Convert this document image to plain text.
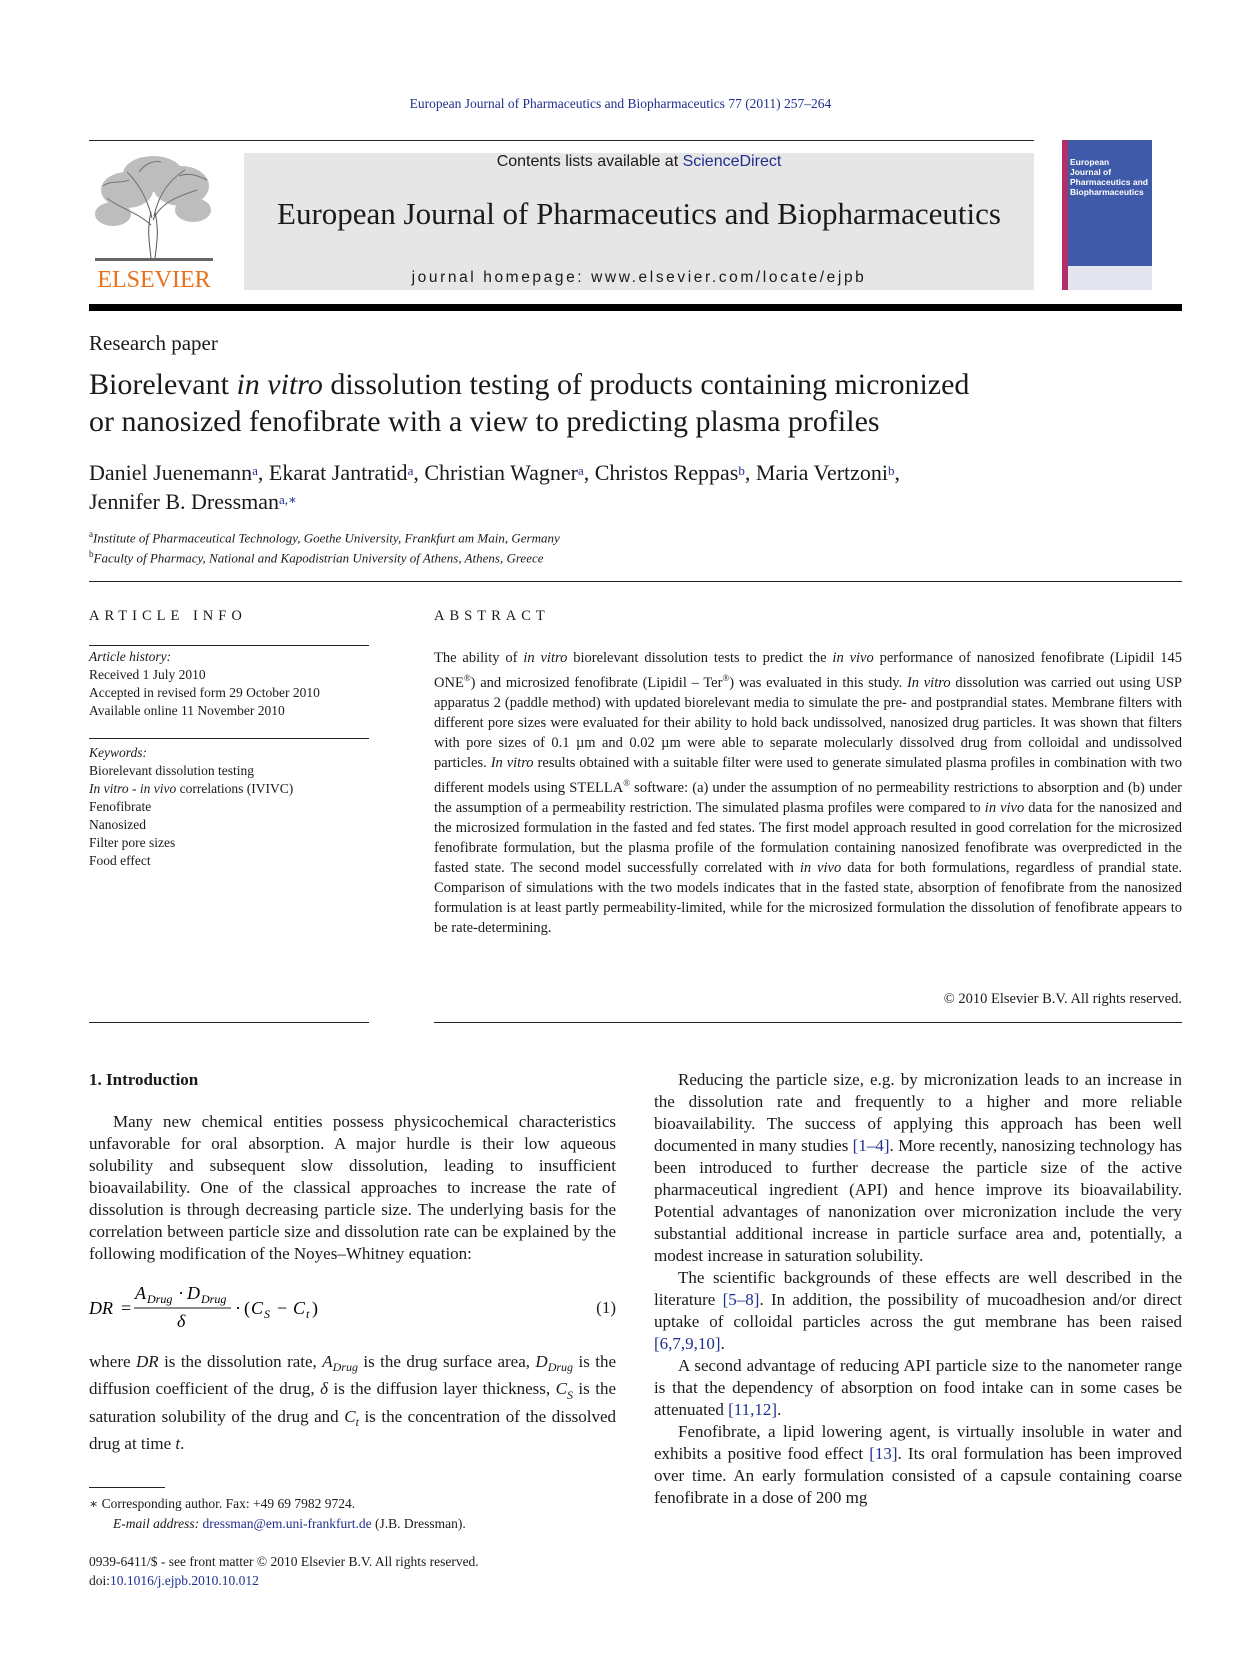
European Journal of Pharmaceutics and Biopharmaceutics 77 (2011) 257–264
ELSEVIER
Contents lists available at ScienceDirect
European Journal of Pharmaceutics and Biopharmaceutics
journal homepage: www.elsevier.com/locate/ejpb
European
Journal of
Pharmaceutics and
Biopharmaceutics
Research paper
Biorelevant in vitro dissolution testing of products containing micronized
or nanosized fenofibrate with a view to predicting plasma profiles
Daniel Juenemann$^a$, Ekarat Jantratid$^a$, Christian Wagner$^a$, Christos Reppas$^b$, Maria Vertzoni$^b$,
Jennifer B. Dressman$^{a,∗}$
$^a$Institute of Pharmaceutical Technology, Goethe University, Frankfurt am Main, Germany
$^b$Faculty of Pharmacy, National and Kapodistrian University of Athens, Athens, Greece
ARTICLE INFO	ABSTRACT
Article history:
Received 1 July 2010
Accepted in revised form 29 October 2010
Available online 11 November 2010
Keywords:
Biorelevant dissolution testing
In vitro - in vivo correlations (IVIVC)
Fenofibrate
Nanosized
Filter pore sizes
Food effect
The ability of in vitro biorelevant dissolution tests to predict the in vivo performance of nanosized fenofibrate (Lipidil 145 ONE®) and microsized fenofibrate (Lipidil – Ter®) was evaluated in this study. In vitro dissolution was carried out using USP apparatus 2 (paddle method) with updated biorelevant media to simulate the pre- and postprandial states. Membrane filters with different pore sizes were evaluated for their ability to hold back undissolved, nanosized drug particles. It was shown that filters with pore sizes of 0.1 µm and 0.02 µm were able to separate molecularly dissolved drug from colloidal and undissolved particles. In vitro results obtained with a suitable filter were used to generate simulated plasma profiles in combination with two different models using STELLA® software: (a) under the assumption of no permeability restrictions to absorption and (b) under the assumption of a permeability restriction. The simulated plasma profiles were compared to in vivo data for the nanosized and the microsized formulation in the fasted and fed states. The first model approach resulted in good correlation for the microsized fenofibrate formulation, but the plasma profile of the formulation containing nanosized fenofibrate was overpredicted in the fasted state. The second model successfully correlated with in vivo data for both formulations, regardless of prandial state. Comparison of simulations with the two models indicates that in the fasted state, absorption of fenofibrate from the nanosized formulation is at least partly permeability-limited, while for the microsized formulation the dissolution of fenofibrate appears to be rate-determining.
© 2010 Elsevier B.V. All rights reserved.
1. Introduction

Many new chemical entities possess physicochemical characteristics unfavorable for oral absorption. A major hurdle is their low aqueous solubility and subsequent slow dissolution, leading to insufficient bioavailability. One of the classical approaches to increase the rate of dissolution is through decreasing particle size. The underlying basis for the correlation between particle size and dissolution rate can be explained by the following modification of the Noyes–Whitney equation:

DR =
A Drug · D Drug
δ
· ( C S − C t )	(1)

where DR is the dissolution rate, $A_{Drug}$ is the drug surface area, $D_{Drug}$ is the diffusion coefficient of the drug, δ is the diffusion layer thickness, $C_S$ is the saturation solubility of the drug and $C_t$ is the concentration of the dissolved drug at time t.

Reducing the particle size, e.g. by micronization leads to an increase in the dissolution rate and frequently to a higher and more reliable bioavailability. The success of applying this approach has been well documented in many studies [1–4]. More recently, nanosizing technology has been introduced to further decrease the particle size of the active pharmaceutical ingredient (API) and hence improve its bioavailability. Potential advantages of nanonization over micronization include the very substantial additional increase in particle surface area and, potentially, a modest increase in saturation solubility.

The scientific backgrounds of these effects are well described in the literature [5–8]. In addition, the possibility of mucoadhesion and/or direct uptake of colloidal particles across the gut membrane has been raised [6,7,9,10].

A second advantage of reducing API particle size to the nanometer range is that the dependency of absorption on food intake can in some cases be attenuated [11,12].

Fenofibrate, a lipid lowering agent, is virtually insoluble in water and exhibits a positive food effect [13]. Its oral formulation has been improved over time. An early formulation consisted of a capsule containing coarse fenofibrate in a dose of 200 mg

∗ Corresponding author. Fax: +49 69 7982 9724.
E-mail address: dressman@em.uni-frankfurt.de (J.B. Dressman).
0939-6411/$ - see front matter © 2010 Elsevier B.V. All rights reserved.
doi:10.1016/j.ejpb.2010.10.012
